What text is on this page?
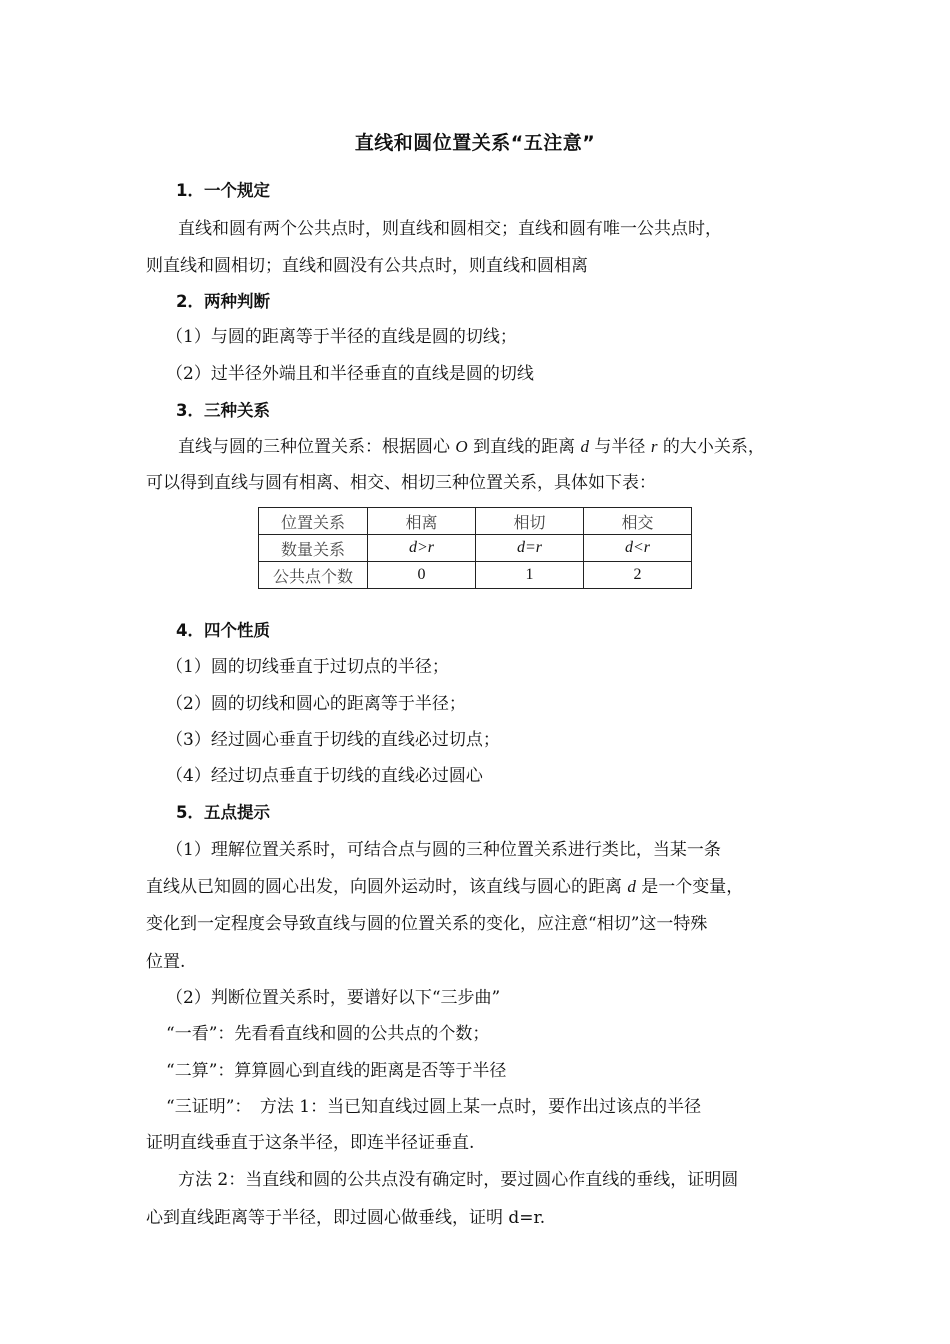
直线和圆位置关系“五注意”
1．一个规定
直线和圆有两个公共点时，则直线和圆相交；直线和圆有唯一公共点时，
则直线和圆相切；直线和圆没有公共点时，则直线和圆相离
2．两种判断
（1）与圆的距离等于半径的直线是圆的切线；
（2）过半径外端且和半径垂直的直线是圆的切线
3．三种关系
直线与圆的三种位置关系：根据圆心 O 到直线的距离 d 与半径 r 的大小关系，
可以得到直线与圆有相离、相交、相切三种位置关系，具体如下表：
位置关系	相离	相切	相交
数量关系	d>r	d=r	d<r
公共点个数	0	1	2
4．四个性质
（1）圆的切线垂直于过切点的半径；
（2）圆的切线和圆心的距离等于半径；
（3）经过圆心垂直于切线的直线必过切点；
（4）经过切点垂直于切线的直线必过圆心
5．五点提示
（1）理解位置关系时，可结合点与圆的三种位置关系进行类比，当某一条
直线从已知圆的圆心出发，向圆外运动时，该直线与圆心的距离 d 是一个变量，
变化到一定程度会导致直线与圆的位置关系的变化，应注意“相切”这一特殊
位置.
（2）判断位置关系时，要谱好以下“三步曲”
“一看”：先看看直线和圆的公共点的个数；
“二算”：算算圆心到直线的距离是否等于半径
“三证明”：　方法 1：当已知直线过圆上某一点时，要作出过该点的半径
证明直线垂直于这条半径，即连半径证垂直.
方法 2：当直线和圆的公共点没有确定时，要过圆心作直线的垂线，证明圆
心到直线距离等于半径，即过圆心做垂线，证明 d=r.
